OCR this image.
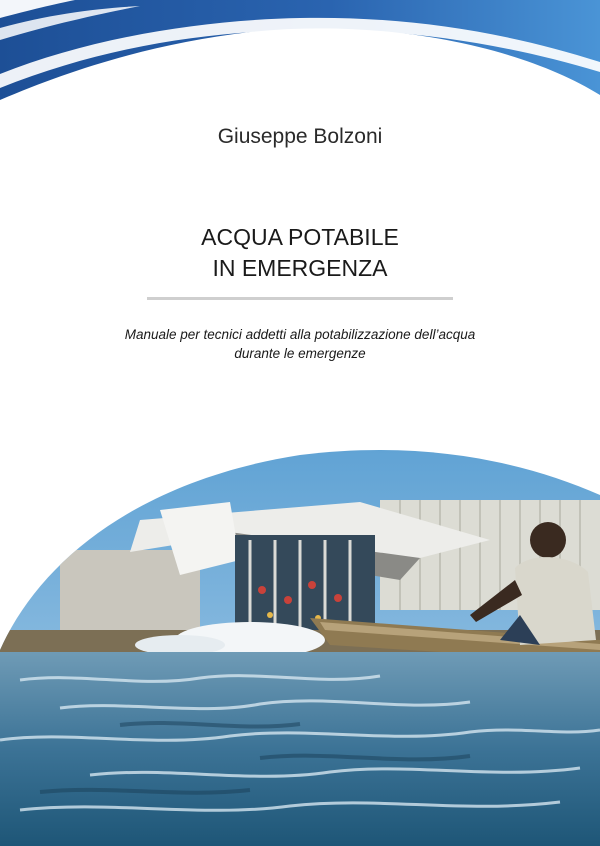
Giuseppe Bolzoni
ACQUA POTABILE
IN EMERGENZA
Manuale per tecnici addetti alla potabilizzazione dell’acqua
durante le emergenze
